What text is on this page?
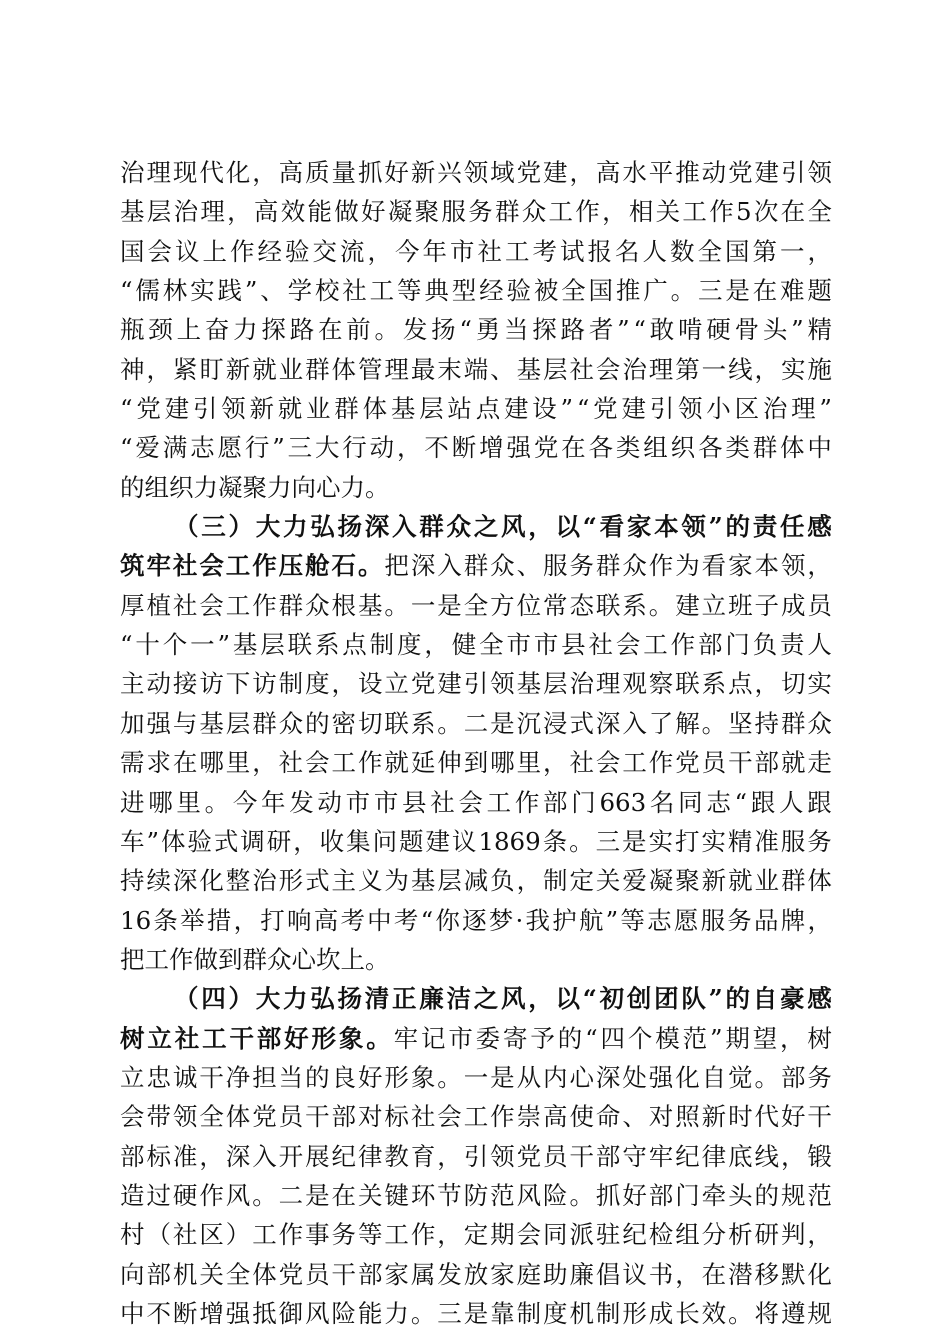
治 理 现 代 化 ， 高 质 量 抓 好 新 兴 领 域 党 建 ， 高 水 平 推 动 党 建 引 领
基 层 治 理 ， 高 效 能 做 好 凝 聚 服 务 群 众 工 作 ， 相 关 工 作 5 次 在 全
国 会 议 上 作 经 验 交 流 ， 今 年 市 社 工 考 试 报 名 人 数 全 国 第 一 ，
“ 儒 林 实 践 ” 、 学 校 社 工 等 典 型 经 验 被 全 国 推 广 。 三 是 在 难 题
瓶 颈 上 奋 力 探 路 在 前 。 发 扬 “ 勇 当 探 路 者 ” “ 敢 啃 硬 骨 头 ” 精
神 ， 紧 盯 新 就 业 群 体 管 理 最 末 端 、 基 层 社 会 治 理 第 一 线 ， 实 施
“ 党 建 引 领 新 就 业 群 体 基 层 站 点 建 设 ” “ 党 建 引 领 小 区 治 理 ”
“ 爱 满 志 愿 行 ” 三 大 行 动 ， 不 断 增 强 党 在 各 类 组 织 各 类 群 体 中
的 组 织 力 凝 聚 力 向 心 力 。
（ 三 ） 大 力 弘 扬 深 入 群 众 之 风 ， 以 “ 看 家 本 领 ” 的 责 任 感
筑 牢 社 会 工 作 压 舱 石 。 把 深 入 群 众 、 服 务 群 众 作 为 看 家 本 领 ，
厚 植 社 会 工 作 群 众 根 基 。 一 是 全 方 位 常 态 联 系 。 建 立 班 子 成 员
“ 十 个 一 ” 基 层 联 系 点 制 度 ， 健 全 市 市 县 社 会 工 作 部 门 负 责 人
主 动 接 访 下 访 制 度 ， 设 立 党 建 引 领 基 层 治 理 观 察 联 系 点 ， 切 实
加 强 与 基 层 群 众 的 密 切 联 系 。 二 是 沉 浸 式 深 入 了 解 。 坚 持 群 众
需 求 在 哪 里 ， 社 会 工 作 就 延 伸 到 哪 里 ， 社 会 工 作 党 员 干 部 就 走
进 哪 里 。 今 年 发 动 市 市 县 社 会 工 作 部 门 663 名 同 志 “ 跟 人 跟
车 ” 体 验 式 调 研 ， 收 集 问 题 建 议 1869 条 。 三 是 实 打 实 精 准 服 务
持 续 深 化 整 治 形 式 主 义 为 基 层 减 负 ， 制 定 关 爱 凝 聚 新 就 业 群 体
16 条 举 措 ， 打 响 高 考 中 考 “ 你 逐 梦 · 我 护 航 ” 等 志 愿 服 务 品 牌 ，
把 工 作 做 到 群 众 心 坎 上 。
（ 四 ） 大 力 弘 扬 清 正 廉 洁 之 风 ， 以 “ 初 创 团 队 ” 的 自 豪 感
树 立 社 工 干 部 好 形 象 。 牢 记 市 委 寄 予 的 “ 四 个 模 范 ” 期 望 ， 树
立 忠 诚 干 净 担 当 的 良 好 形 象 。 一 是 从 内 心 深 处 强 化 自 觉 。 部 务
会 带 领 全 体 党 员 干 部 对 标 社 会 工 作 崇 高 使 命 、 对 照 新 时 代 好 干
部 标 准 ， 深 入 开 展 纪 律 教 育 ， 引 领 党 员 干 部 守 牢 纪 律 底 线 ， 锻
造 过 硬 作 风 。 二 是 在 关 键 环 节 防 范 风 险 。 抓 好 部 门 牵 头 的 规 范
村 （ 社 区 ） 工 作 事 务 等 工 作 ， 定 期 会 同 派 驻 纪 检 组 分 析 研 判 ，
向 部 机 关 全 体 党 员 干 部 家 属 发 放 家 庭 助 廉 倡 议 书 ， 在 潜 移 默 化
中 不 断 增 强 抵 御 风 险 能 力 。 三 是 靠 制 度 机 制 形 成 长 效 。 将 遵 规
